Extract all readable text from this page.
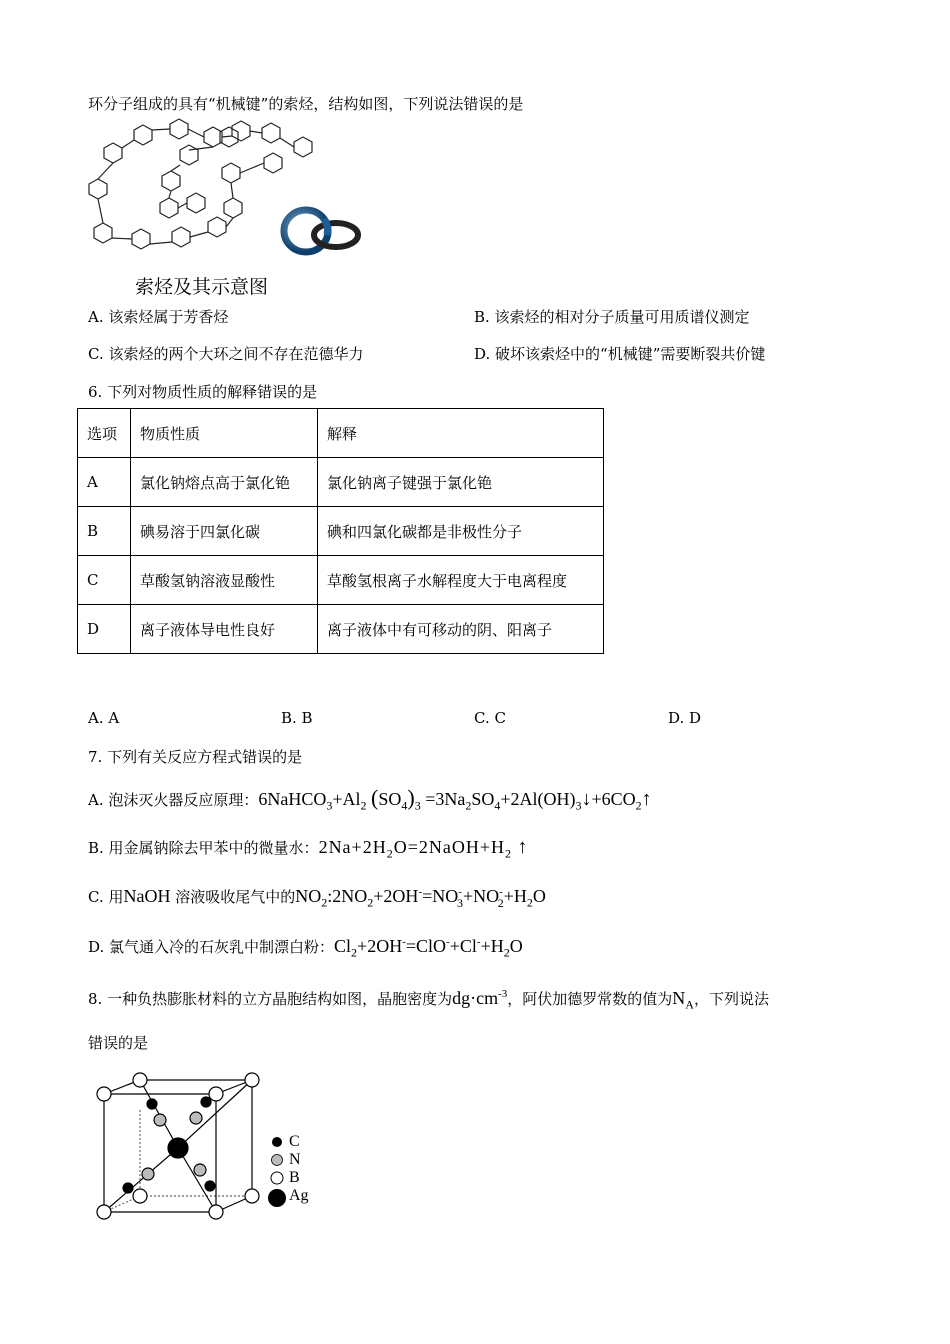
环分子组成的具有“机械键”的索烃，结构如图，下列说法错误的是
索烃及其示意图
A. 该索烃属于芳香烃	B. 该索烃的相对分子质量可用质谱仪测定
C. 该索烃的两个大环之间不存在范德华力	D. 破坏该索烃中的“机械键”需要断裂共价键
6. 下列对物质性质的解释错误的是
选项	物质性质	解释
A	氯化钠熔点高于氯化铯	氯化钠离子键强于氯化铯
B	碘易溶于四氯化碳	碘和四氯化碳都是非极性分子
C	草酸氢钠溶液显酸性	草酸氢根离子水解程度大于电离程度
D	离子液体导电性良好	离子液体中有可移动的阴、阳离子
A. A	B. B	C. C	D. D
7. 下列有关反应方程式错误的是
A. 泡沫灭火器反应原理：$6NaHCO_3+Al_2$ $(SO_4)_3$ $=3Na_2SO_4+2Al(OH)_3↓+6CO_2↑$
B. 用金属钠除去甲苯中的微量水：$2Na+2H_2O=2NaOH+H_2$ ↑
C. 用NaOH 溶液吸收尾气中的$NO_2:2NO_2+2OH^-=NO^-_3+NO^-_2+H_2O$
D. 氯气通入冷的石灰乳中制漂白粉：$Cl_2+2OH^-=ClO^-+Cl^-+H_2O$
8. 一种负热膨胀材料的立方晶胞结构如图，晶胞密度为$dg\cdot cm^{-3}$，阿伏加德罗常数的值为$N_A$，下列说法
错误的是
C
N
B
Ag
